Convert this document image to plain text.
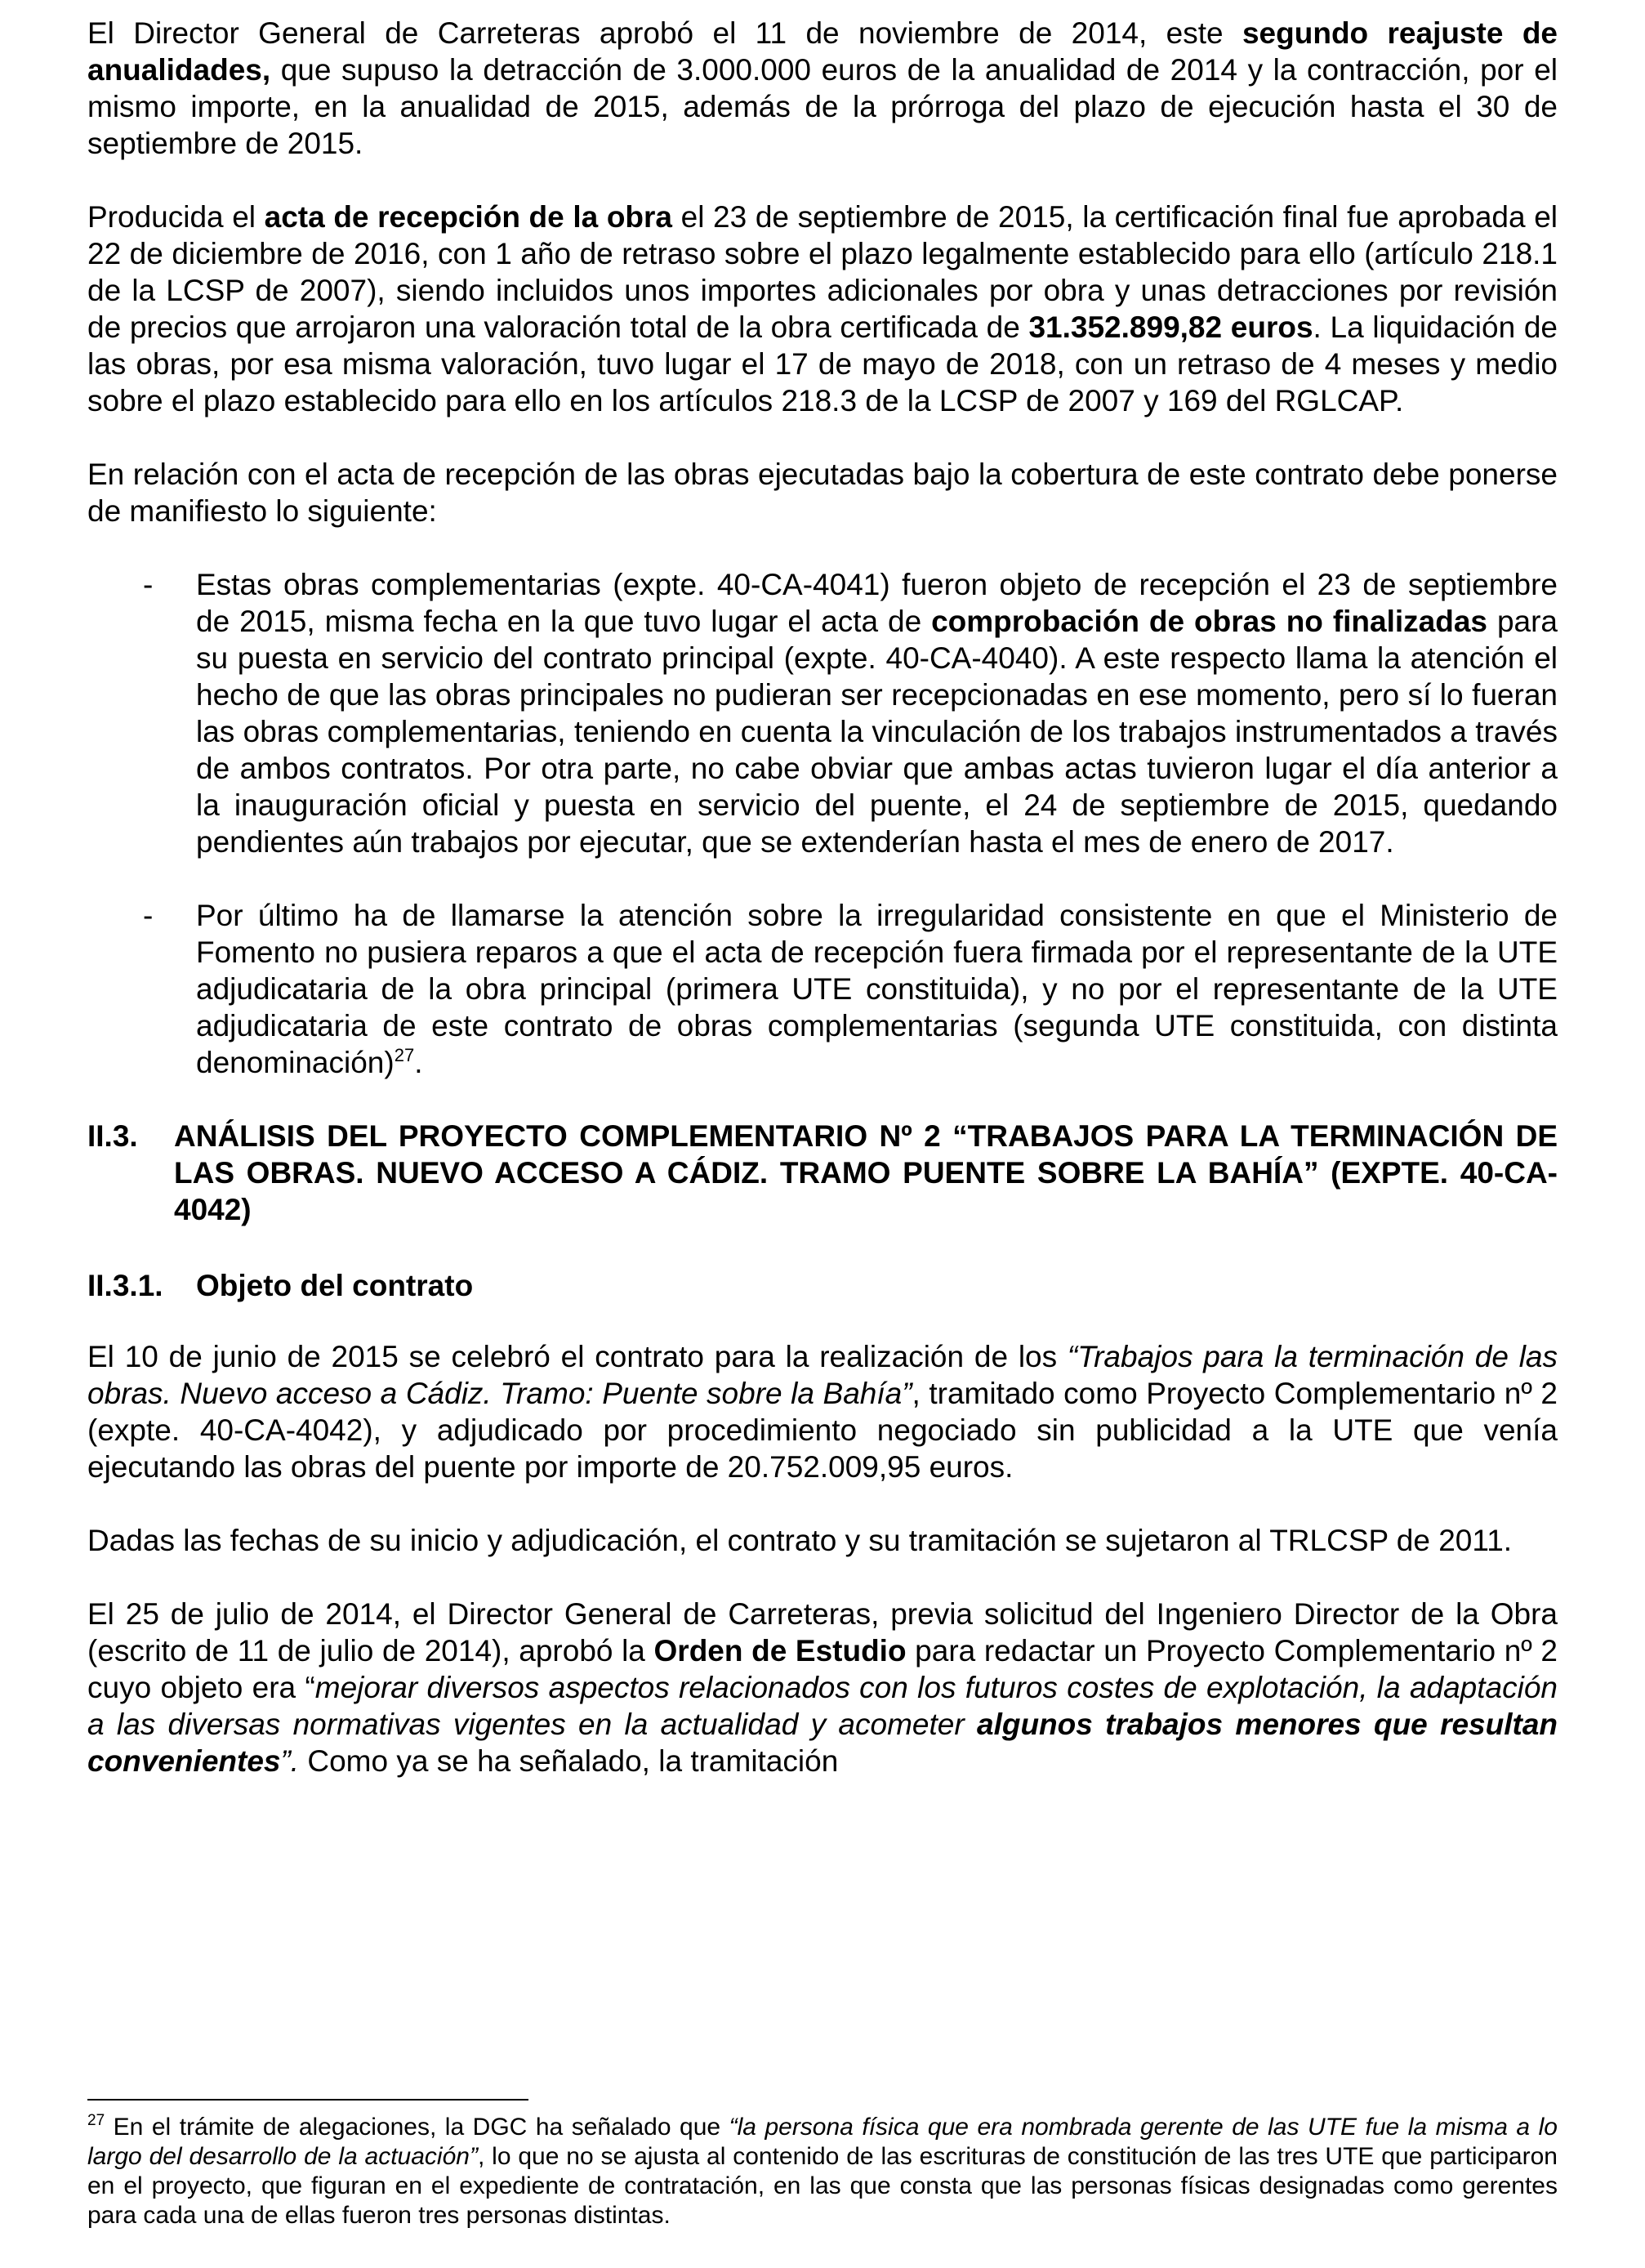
El Director General de Carreteras aprobó el 11 de noviembre de 2014, este segundo reajuste de anualidades, que supuso la detracción de 3.000.000 euros de la anualidad de 2014 y la contracción, por el mismo importe, en la anualidad de 2015, además de la prórroga del plazo de ejecución hasta el 30 de septiembre de 2015.

Producida el acta de recepción de la obra el 23 de septiembre de 2015, la certificación final fue aprobada el 22 de diciembre de 2016, con 1 año de retraso sobre el plazo legalmente establecido para ello (artículo 218.1 de la LCSP de 2007), siendo incluidos unos importes adicionales por obra y unas detracciones por revisión de precios que arrojaron una valoración total de la obra certificada de 31.352.899,82 euros. La liquidación de las obras, por esa misma valoración, tuvo lugar el 17 de mayo de 2018, con un retraso de 4 meses y medio sobre el plazo establecido para ello en los artículos 218.3 de la LCSP de 2007 y 169 del RGLCAP.

En relación con el acta de recepción de las obras ejecutadas bajo la cobertura de este contrato debe ponerse de manifiesto lo siguiente:

- Estas obras complementarias (expte. 40-CA-4041) fueron objeto de recepción el 23 de septiembre de 2015, misma fecha en la que tuvo lugar el acta de comprobación de obras no finalizadas para su puesta en servicio del contrato principal (expte. 40-CA-4040). A este respecto llama la atención el hecho de que las obras principales no pudieran ser recepcionadas en ese momento, pero sí lo fueran las obras complementarias, teniendo en cuenta la vinculación de los trabajos instrumentados a través de ambos contratos. Por otra parte, no cabe obviar que ambas actas tuvieron lugar el día anterior a la inauguración oficial y puesta en servicio del puente, el 24 de septiembre de 2015, quedando pendientes aún trabajos por ejecutar, que se extenderían hasta el mes de enero de 2017.
- Por último ha de llamarse la atención sobre la irregularidad consistente en que el Ministerio de Fomento no pusiera reparos a que el acta de recepción fuera firmada por el representante de la UTE adjudicataria de la obra principal (primera UTE constituida), y no por el representante de la UTE adjudicataria de este contrato de obras complementarias (segunda UTE constituida, con distinta denominación)$^{27}$.
II.3. ANÁLISIS DEL PROYECTO COMPLEMENTARIO Nº 2 “TRABAJOS PARA LA TERMINACIÓN DE LAS OBRAS. NUEVO ACCESO A CÁDIZ. TRAMO PUENTE SOBRE LA BAHÍA” (EXPTE. 40-CA-4042)
II.3.1. Objeto del contrato

El 10 de junio de 2015 se celebró el contrato para la realización de los “Trabajos para la terminación de las obras. Nuevo acceso a Cádiz. Tramo: Puente sobre la Bahía”, tramitado como Proyecto Complementario nº 2 (expte. 40-CA-4042), y adjudicado por procedimiento negociado sin publicidad a la UTE que venía ejecutando las obras del puente por importe de 20.752.009,95 euros.

Dadas las fechas de su inicio y adjudicación, el contrato y su tramitación se sujetaron al TRLCSP de 2011.

El 25 de julio de 2014, el Director General de Carreteras, previa solicitud del Ingeniero Director de la Obra (escrito de 11 de julio de 2014), aprobó la Orden de Estudio para redactar un Proyecto Complementario nº 2 cuyo objeto era “mejorar diversos aspectos relacionados con los futuros costes de explotación, la adaptación a las diversas normativas vigentes en la actualidad y acometer algunos trabajos menores que resultan convenientes”. Como ya se ha señalado, la tramitación

$^{27}$ En el trámite de alegaciones, la DGC ha señalado que “la persona física que era nombrada gerente de las UTE fue la misma a lo largo del desarrollo de la actuación”, lo que no se ajusta al contenido de las escrituras de constitución de las tres UTE que participaron en el proyecto, que figuran en el expediente de contratación, en las que consta que las personas físicas designadas como gerentes para cada una de ellas fueron tres personas distintas.
